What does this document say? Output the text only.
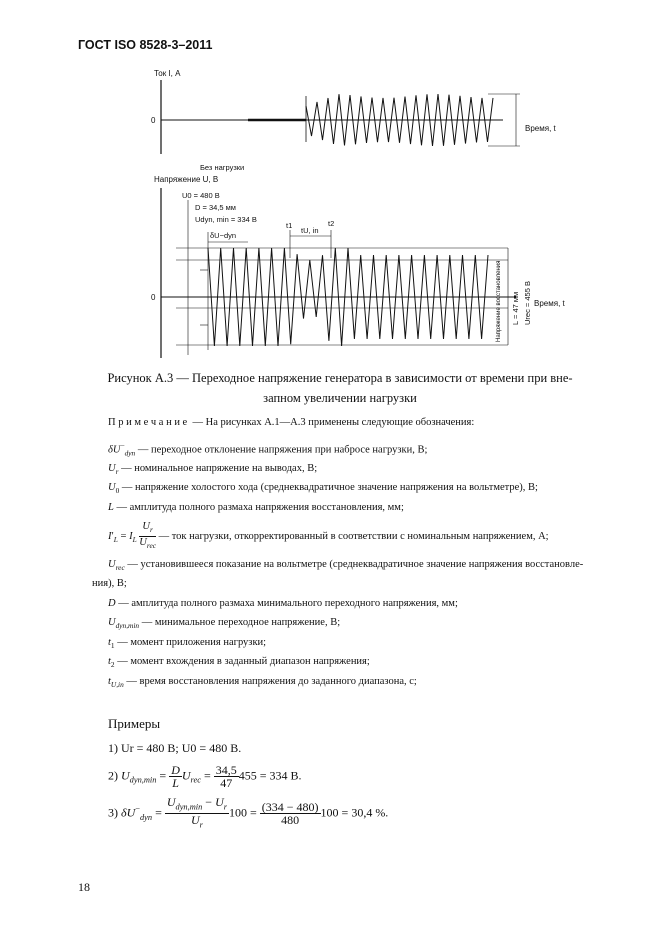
ГОСТ ISO 8528-3–2011
Ток I, А
0
Время, t
Без нагрузки
Напряжение U, В
U0 = 480 В
D = 34,5 мм
Udyn, min = 334 В
δU−dyn
t1
tU, in
t2
0	Напряжение восстановления L = 47 мм Urec = 455 В Время, t
Рисунок А.3 — Переходное напряжение генератора в зависимости от времени при вне-
запном увеличении нагрузки
П р и м е ч а н и е — На рисунках А.1—А.3 применены следующие обозначения:
$\delta U^-_{dyn}$ — переходное отклонение напряжения при набросе нагрузки, В;
$U_r$ — номинальное напряжение на выводах, В;
$U_0$ — напряжение холостого хода (среднеквадратичное значение напряжения на вольтметре), В;
L — амплитуда полного размаха напряжения восстановления, мм;
$I'_L = I_L \frac{U_r}{U_{rec}}$ — ток нагрузки, откорректированный в соответствии с номинальным напряжением, А;
$U_{rec}$ — установившееся показание на вольтметре (среднеквадратичное значение напряжения восстановле-
ния), В;
D — амплитуда полного размаха минимального переходного напряжения, мм;
$U_{dyn,min}$ — минимальное переходное напряжение, В;
$t_1$ — момент приложения нагрузки;
$t_2$ — момент вхождения в заданный диапазон напряжения;
$t_{U,in}$ — время восстановления напряжения до заданного диапазона, с;
Примеры
1) Ur = 480 В; U0 = 480 В.
2) $U_{dyn,min} = \frac{D}{L} U_{rec} = \frac{34,5}{47} 455 = 334$ В.
3) $\delta U^-_{dyn} = \frac{U_{dyn,min} - U_r}{U_r} 100 = \frac{(334 - 480)}{480} 100 = 30,4$ %.
18
